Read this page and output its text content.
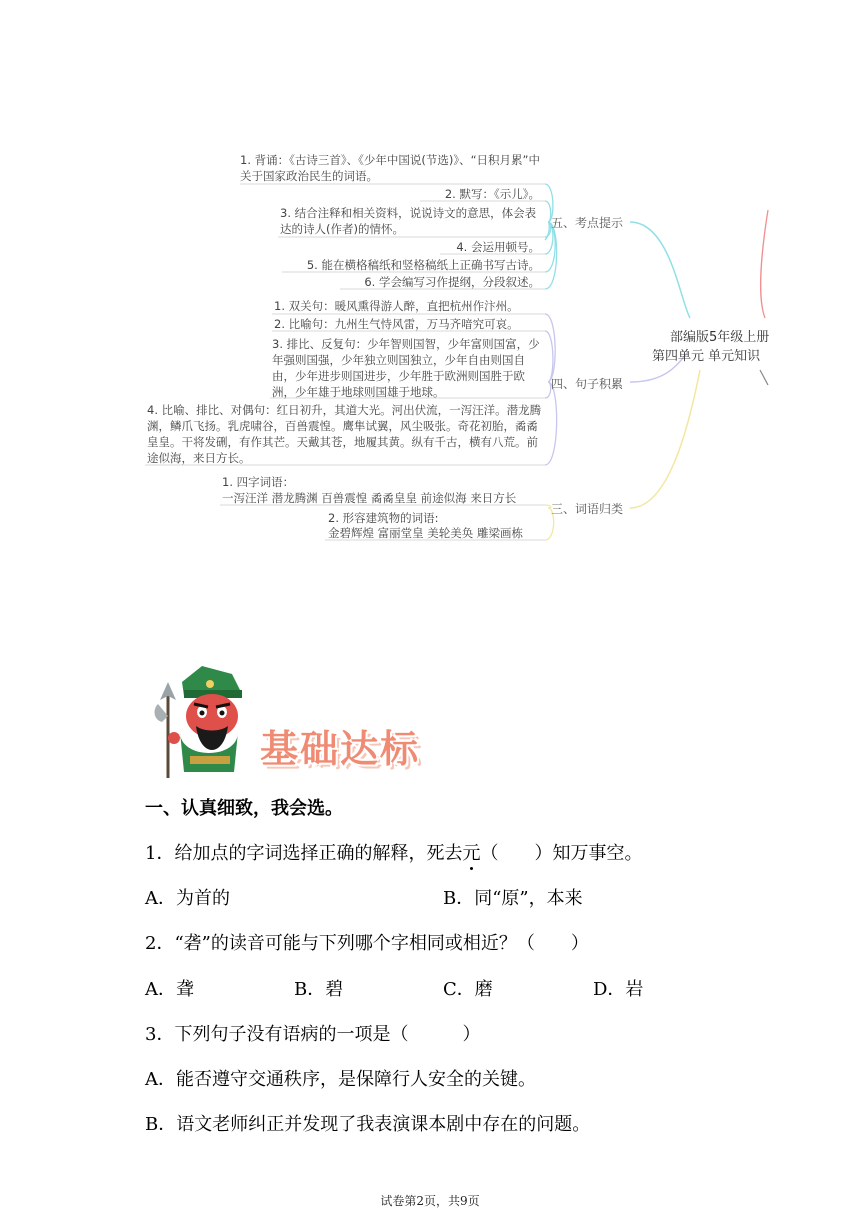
1. 背诵：《古诗三首》、《少年中国说(节选)》、“日积月累”中关于国家政治民生的词语。
2. 默写：《示儿》。
3. 结合注释和相关资料，说说诗文的意思，体会表达的诗人(作者)的情怀。
4. 会运用顿号。
5. 能在横格稿纸和竖格稿纸上正确书写古诗。
6. 学会编写习作提纲，分段叙述。
五、考点提示
1. 双关句：暖风熏得游人醉，直把杭州作汴州。
2. 比喻句：九州生气恃风雷，万马齐喑究可哀。
3. 排比、反复句：少年智则国智，少年富则国富，少年强则国强，少年独立则国独立，少年自由则国自由，少年进步则国进步，少年胜于欧洲则国胜于欧洲，少年雄于地球则国雄于地球。
4. 比喻、排比、对偶句：红日初升，其道大光。河出伏流，一泻汪洋。潜龙腾渊，鳞爪飞扬。乳虎啸谷，百兽震惶。鹰隼试翼，风尘吸张。奇花初胎，矞矞皇皇。干将发硎，有作其芒。天戴其苍，地履其黄。纵有千古，横有八荒。前途似海，来日方长。
四、句子积累
1. 四字词语：
一泻汪洋 潜龙腾渊 百兽震惶 矞矞皇皇 前途似海 来日方长
2. 形容建筑物的词语:
金碧辉煌 富丽堂皇 美轮美奂 雕梁画栋
三、词语归类
部编版5年级上册
第四单元 单元知识
基础达标
一、认真细致，我会选。
1．给加点的字词选择正确的解释，死去元（　　）知万事空。
A．为首的	B．同“原”，本来
2．“砻”的读音可能与下列哪个字相同或相近？（　　）
A．聋	B．碧	C．磨	D．岩
3．下列句子没有语病的一项是（　　　）
A．能否遵守交通秩序，是保障行人安全的关键。
B．语文老师纠正并发现了我表演课本剧中存在的问题。
试卷第2页，共9页
